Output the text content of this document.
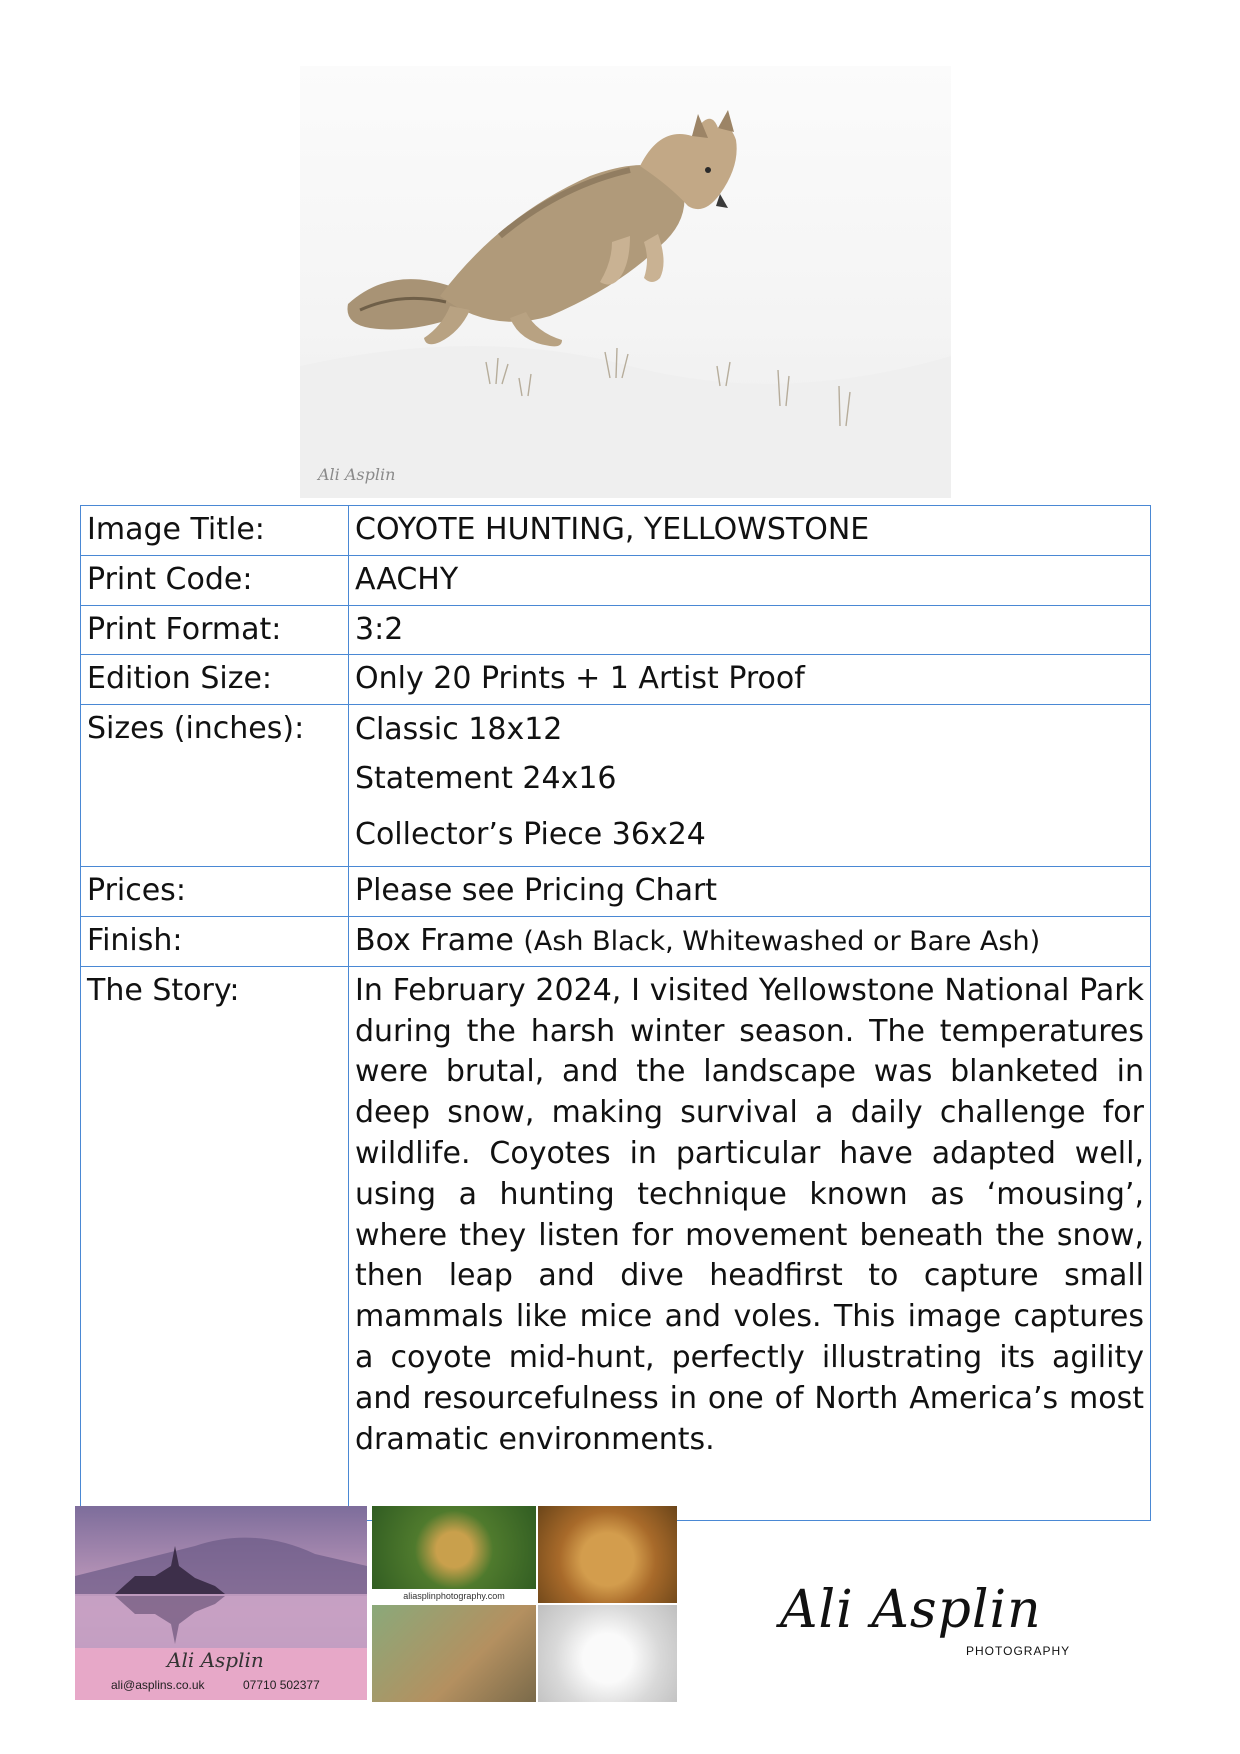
Ali Asplin
Image Title:	COYOTE HUNTING, YELLOWSTONE
Print Code:	AACHY
Print Format:	3:2
Edition Size:	Only 20 Prints + 1 Artist Proof
Sizes (inches):	Classic 18x12
Statement 24x16
Collector’s Piece 36x24

Prices:	Please see Pricing Chart
Finish:	Box Frame (Ash Black, Whitewashed or Bare Ash)
The Story:	In February 2024, I visited Yellowstone National Park during the harsh winter season. The temperatures were brutal, and the landscape was blanketed in deep snow, making survival a daily challenge for wildlife. Coyotes in particular have adapted well, using a hunting technique known as ‘mousing’, where they listen for movement beneath the snow, then leap and dive headfirst to capture small mammals like mice and voles. This image captures a coyote mid-hunt, perfectly illustrating its agility and resourcefulness in one of North America’s most dramatic environments.
Ali Asplin
ali@asplins.co.uk	07710 502377
aliasplinphotography.com	Ali Asplin
PHOTOGRAPHY
